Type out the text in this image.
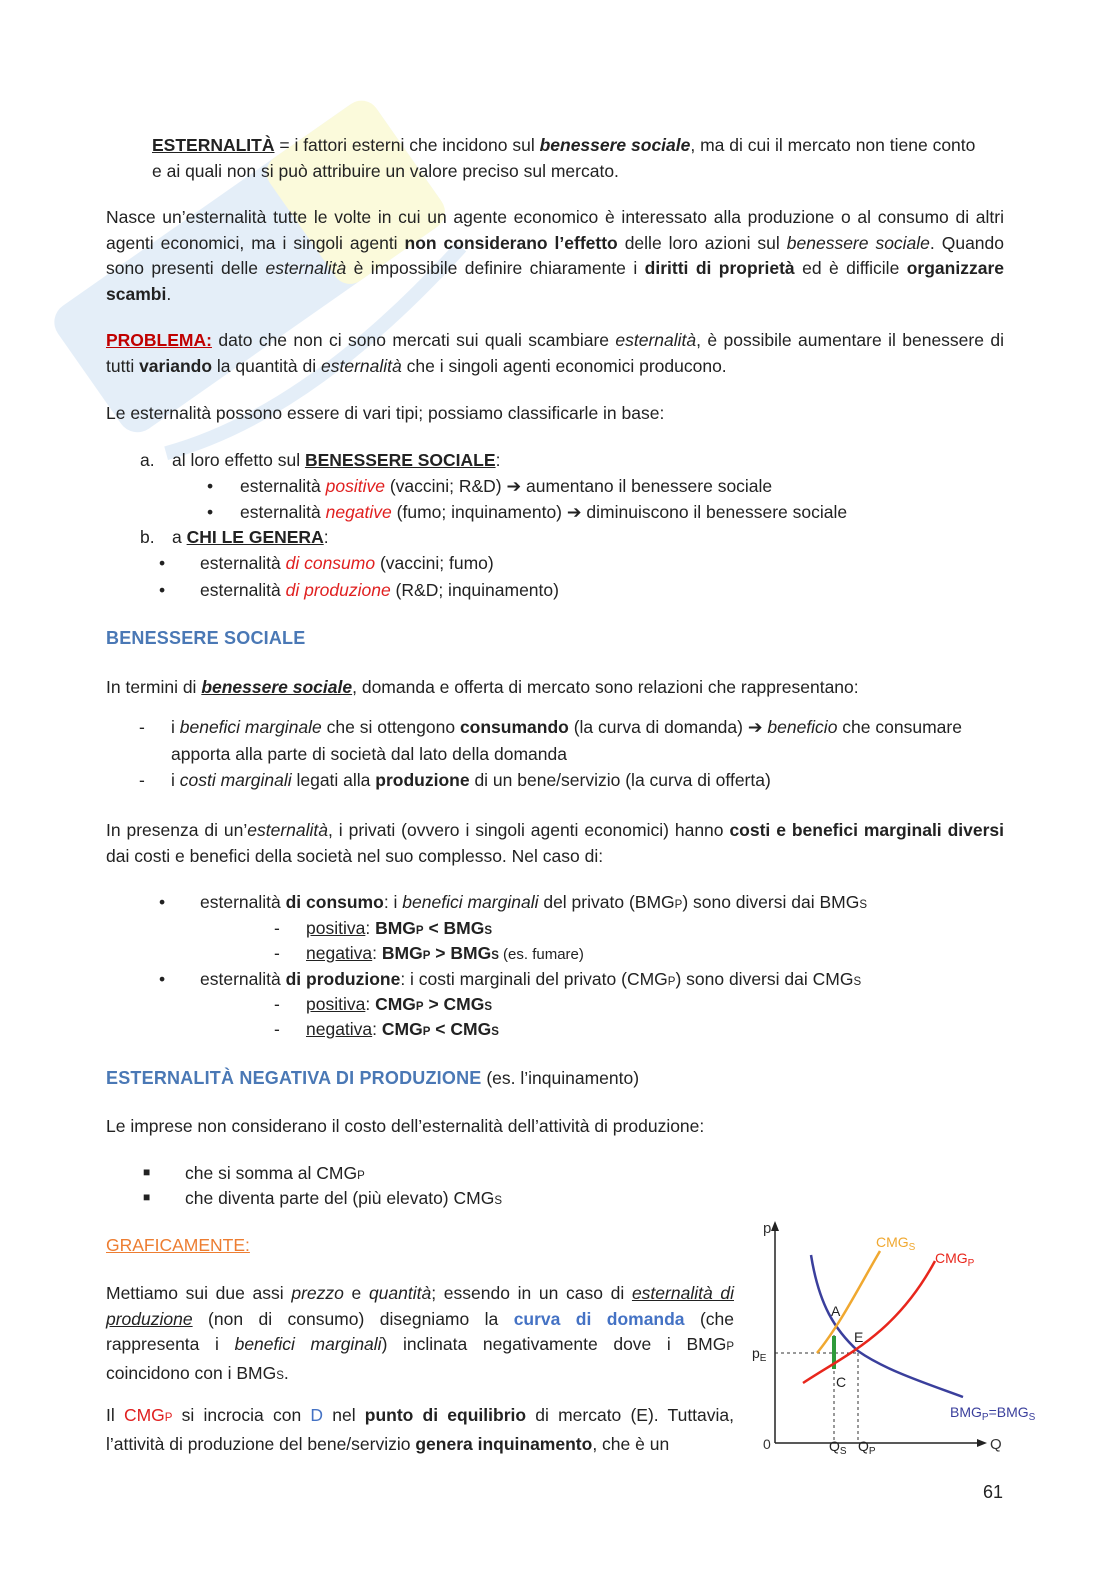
ESTERNALITÀ = i fattori esterni che incidono sul benessere sociale, ma di cui il mercato non tiene conto

e ai quali non si può attribuire un valore preciso sul mercato.

Nasce un’esternalità tutte le volte in cui un agente economico è interessato alla produzione o al consumo di altri agenti economici, ma i singoli agenti non considerano l’effetto delle loro azioni sul benessere sociale. Quando sono presenti delle esternalità è impossibile definire chiaramente i diritti di proprietà ed è difficile organizzare scambi.
PROBLEMA: dato che non ci sono mercati sui quali scambiare esternalità, è possibile aumentare il benessere di tutti variando la quantità di esternalità che i singoli agenti economici producono.
Le esternalità possono essere di vari tipi; possiamo classificarle in base:
a. al loro effetto sul BENESSERE SOCIALE:
• esternalità positive (vaccini; R&D) ➔ aumentano il benessere sociale
• esternalità negative (fumo; inquinamento) ➔ diminuiscono il benessere sociale
b. a CHI LE GENERA:
• esternalità di consumo (vaccini; fumo)
• esternalità di produzione (R&D; inquinamento)
BENESSERE SOCIALE
In termini di benessere sociale, domanda e offerta di mercato sono relazioni che rappresentano:
- i benefici marginale che si ottengono consumando (la curva di domanda) ➔ beneficio che consumare

apporta alla parte di società dal lato della domanda

- i costi marginali legati alla produzione di un bene/servizio (la curva di offerta)
In presenza di un’esternalità, i privati (ovvero i singoli agenti economici) hanno costi e benefici marginali diversi dai costi e benefici della società nel suo complesso. Nel caso di:
• esternalità di consumo: i benefici marginali del privato (BMGP) sono diversi dai BMGS
- positiva: BMGP < BMGS
- negativa: BMGP > BMGS (es. fumare)
• esternalità di produzione: i costi marginali del privato (CMGP) sono diversi dai CMGS
- positiva: CMGP > CMGS
- negativa: CMGP < CMGS
ESTERNALITÀ NEGATIVA DI PRODUZIONE (es. l’inquinamento)
Le imprese non considerano il costo dell’esternalità dell’attività di produzione:
■ che si somma al CMGP
■ che diventa parte del (più elevato) CMGS
GRAFICAMENTE:
Mettiamo sui due assi prezzo e quantità; essendo in un caso di esternalità di produzione (non di consumo) disegniamo la curva di domanda (che rappresenta i benefici marginali) inclinata negativamente dove i BMGP coincidono con i BMGS.
Il CMGP si incrocia con D nel punto di equilibrio di mercato (E). Tuttavia, l’attività di produzione del bene/servizio genera inquinamento, che è un
p
Q
0
$CMG_S$
$CMG_P$
$BMG_P=BMG_S$
A
E
C
$p_E$
$Q_S$ $Q_P$
61
